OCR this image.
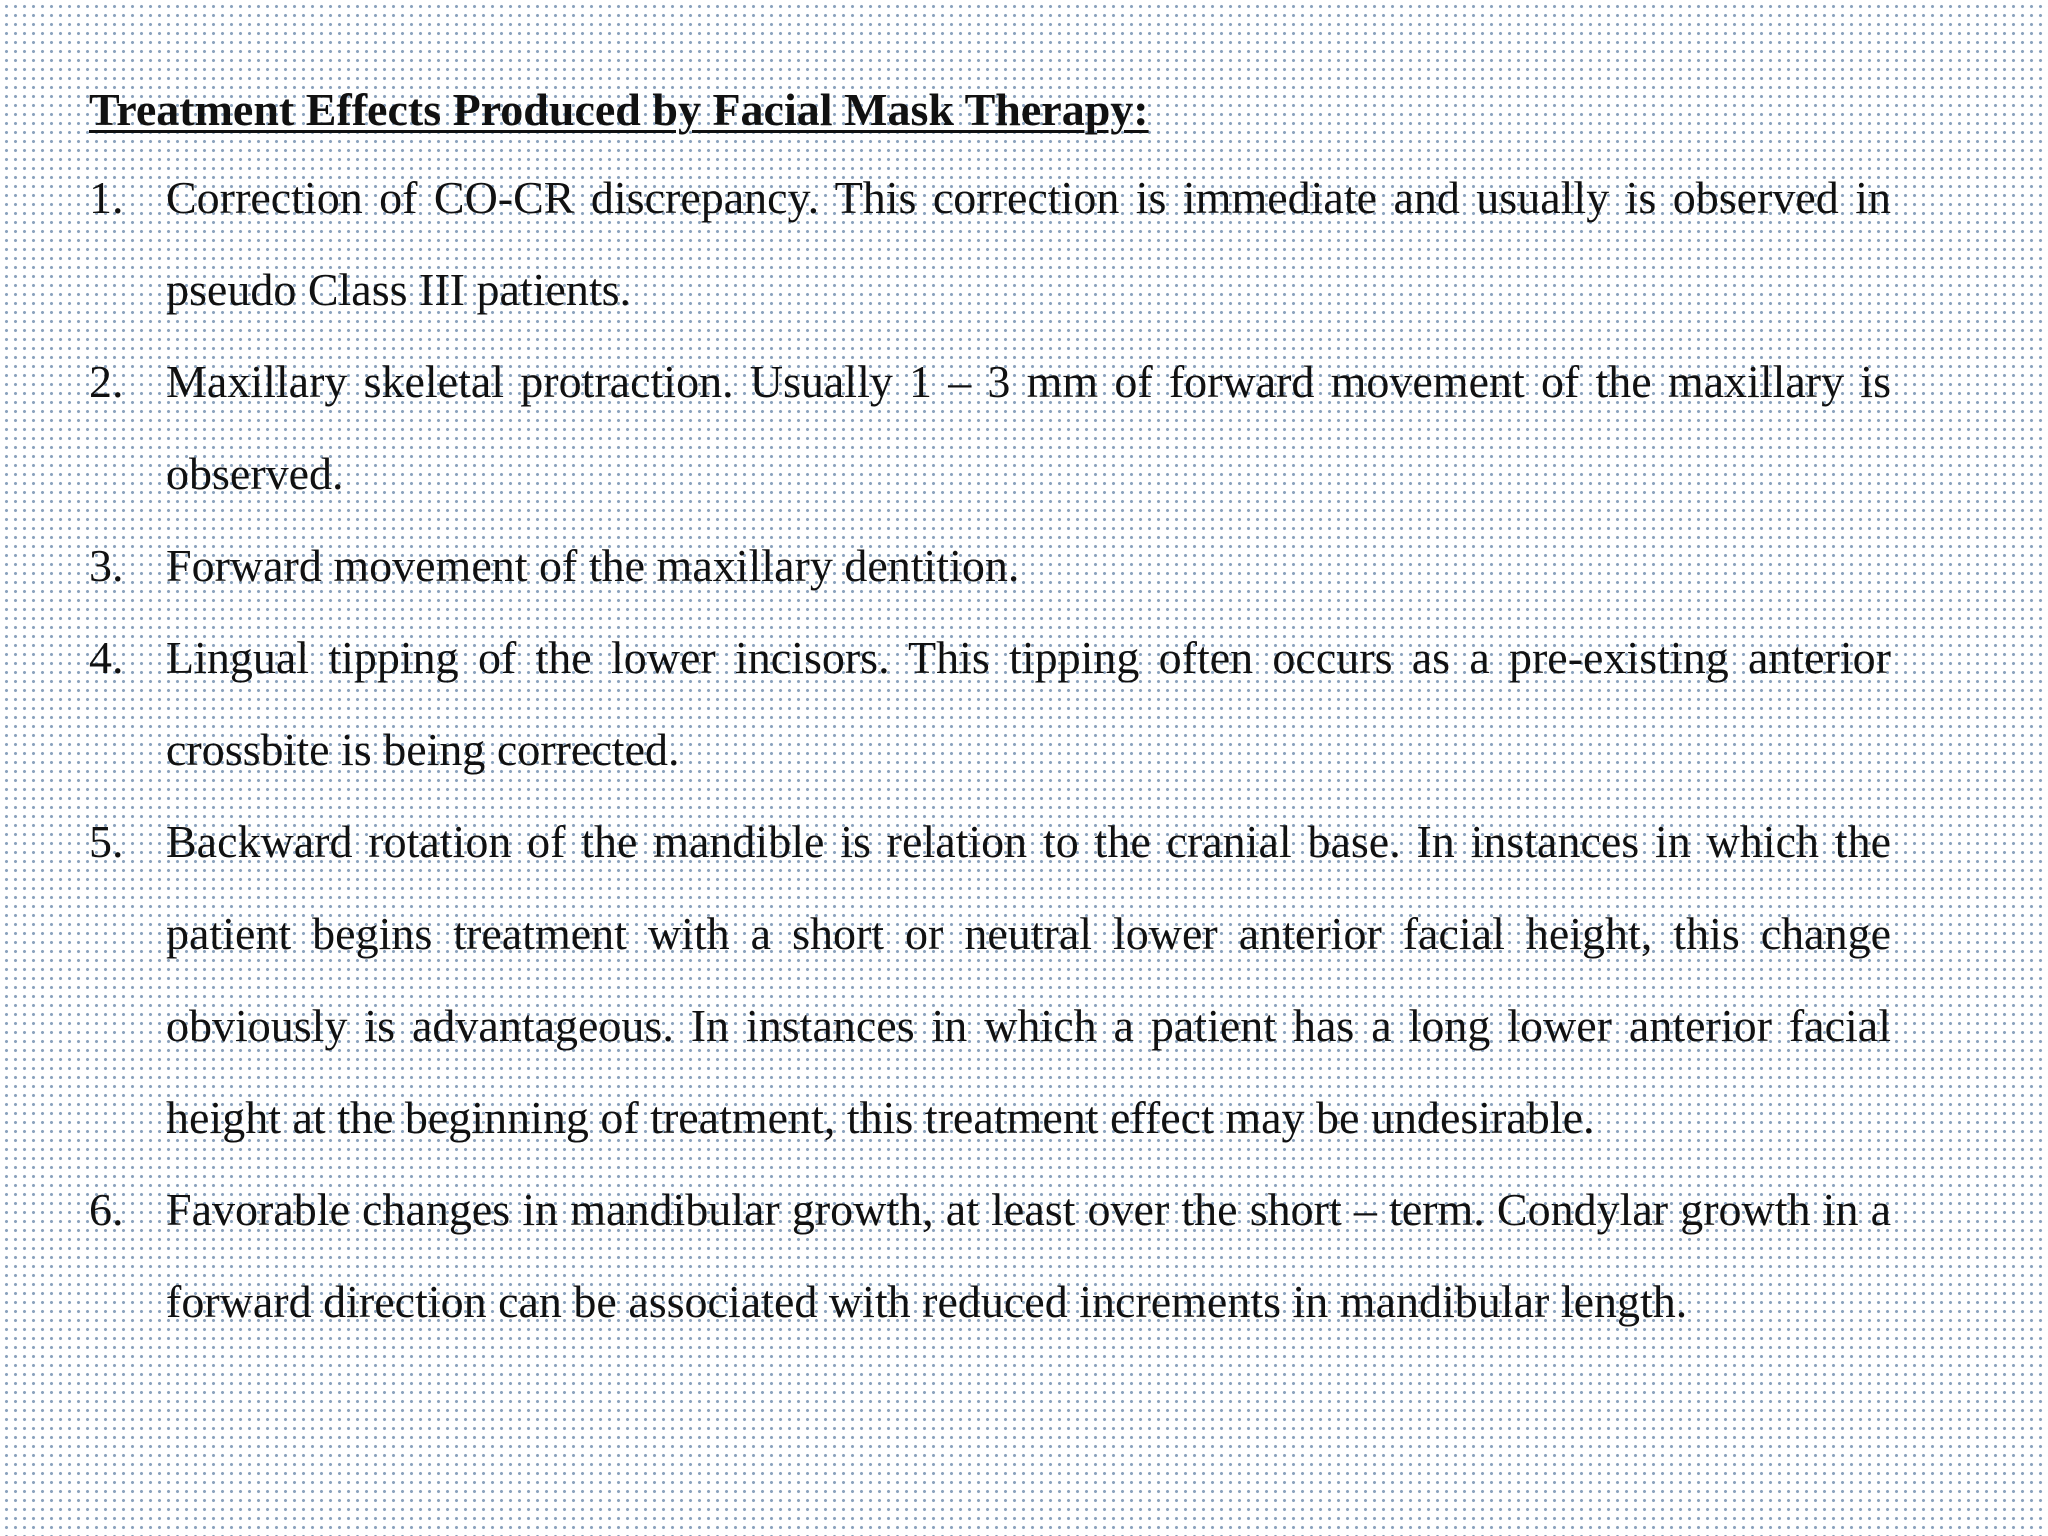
Treatment Effects Produced by Facial Mask Therapy:
1. Correction of CO-CR discrepancy. This correction is immediate and usually is observed in pseudo Class III patients.
2. Maxillary skeletal protraction. Usually 1 – 3 mm of forward movement of the maxillary is observed.
3. Forward movement of the maxillary dentition.
4. Lingual tipping of the lower incisors. This tipping often occurs as a pre-existing anterior crossbite is being corrected.
5. Backward rotation of the mandible is relation to the cranial base. In instances in which the patient begins treatment with a short or neutral lower anterior facial height, this change obviously is advantageous. In instances in which a patient has a long lower anterior facial height at the beginning of treatment, this treatment effect may be undesirable.
6. Favorable changes in mandibular growth, at least over the short – term. Condylar growth in a forward direction can be associated with reduced increments in mandibular length.
